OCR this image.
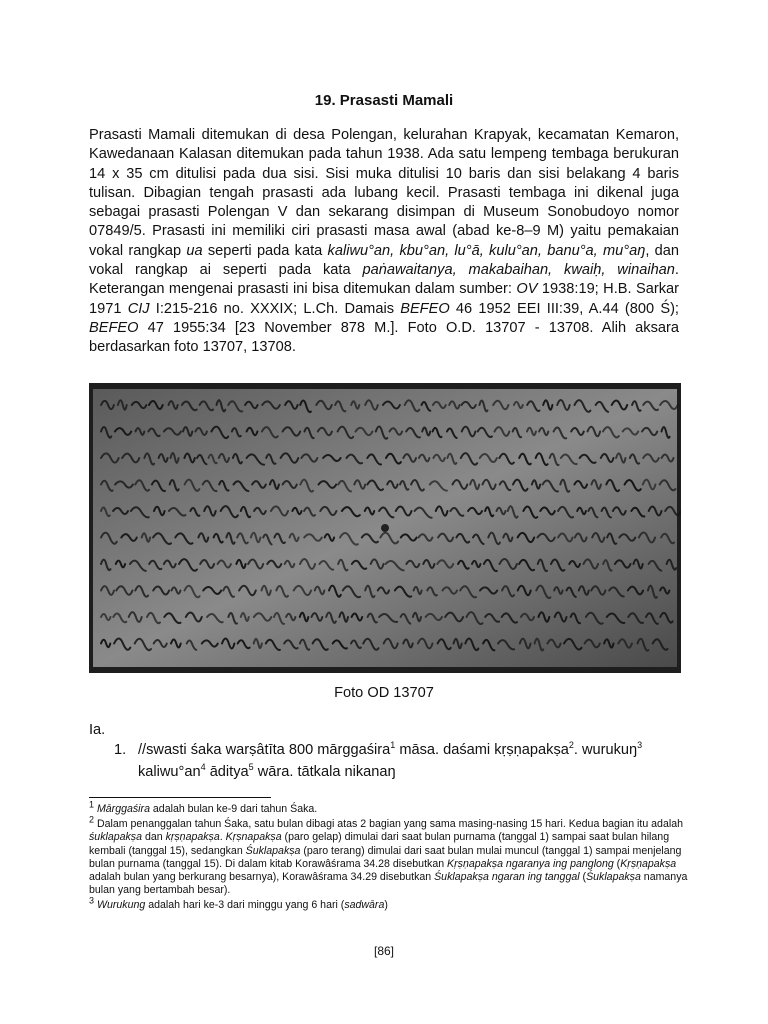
19. Prasasti Mamali
Prasasti Mamali ditemukan di desa Polengan, kelurahan Krapyak, kecamatan Kemaron, Kawedanaan Kalasan ditemukan pada tahun 1938. Ada satu lempeng tembaga berukuran 14 x 35 cm ditulisi pada dua sisi. Sisi muka ditulisi 10 baris dan sisi belakang 4 baris tulisan. Dibagian tengah prasasti ada lubang kecil. Prasasti tembaga ini dikenal juga sebagai prasasti Polengan V dan sekarang disimpan di Museum Sonobudoyo nomor 07849/5. Prasasti ini memiliki ciri prasasti masa awal (abad ke-8–9 M) yaitu pemakaian vokal rangkap ua seperti pada kata kaliwu°an, kbu°an, lu°ā, kulu°an, banu°a, mu°aŋ, dan vokal rangkap ai seperti pada kata paṅawaitanya, makabaihan, kwaiḥ, winaihan. Keterangan mengenai prasasti ini bisa ditemukan dalam sumber: OV 1938:19; H.B. Sarkar 1971 CIJ I:215-216 no. XXXIX; L.Ch. Damais BEFEO 46 1952 EEI III:39, A.44 (800 Ś); BEFEO 47 1955:34 [23 November 878 M.]. Foto O.D. 13707 - 13708. Alih aksara berdasarkan foto 13707, 13708.
Foto OD 13707
Ia.
1. //swasti śaka warṣâtīta 800 mārggaśira$^1$ māsa. daśami kṛṣṇapakṣa$^2$. wurukuŋ$^3$
$kaliwu^\circ an^4$ āditya$^5$ wāra. tātkala nikanaŋ

$^1$ Mārggaśira adalah bulan ke-9 dari tahun Śaka.

$^2$ Dalam penanggalan tahun Śaka, satu bulan dibagi atas 2 bagian yang sama masing-nasing 15 hari. Kedua bagian itu adalah śuklapakṣa dan kṛṣṇapakṣa. Kṛṣnapakṣa (paro gelap) dimulai dari saat bulan purnama (tanggal 1) sampai saat bulan hilang kembali (tanggal 15), sedangkan Śuklapakṣa (paro terang) dimulai dari saat bulan mulai muncul (tanggal 1) sampai menjelang bulan purnama (tanggal 15). Di dalam kitab Korawâśrama 34.28 disebutkan Kṛṣṇapakṣa ngaranya ing panglong (Kṛṣṇapakṣa adalah bulan yang berkurang besarnya), Korawâśrama 34.29 disebutkan Śuklapakṣa ngaran ing tanggal (Śuklapakṣa namanya bulan yang bertambah besar).

$^3$ Wurukung adalah hari ke-3 dari minggu yang 6 hari (sadwāra)

[86]
